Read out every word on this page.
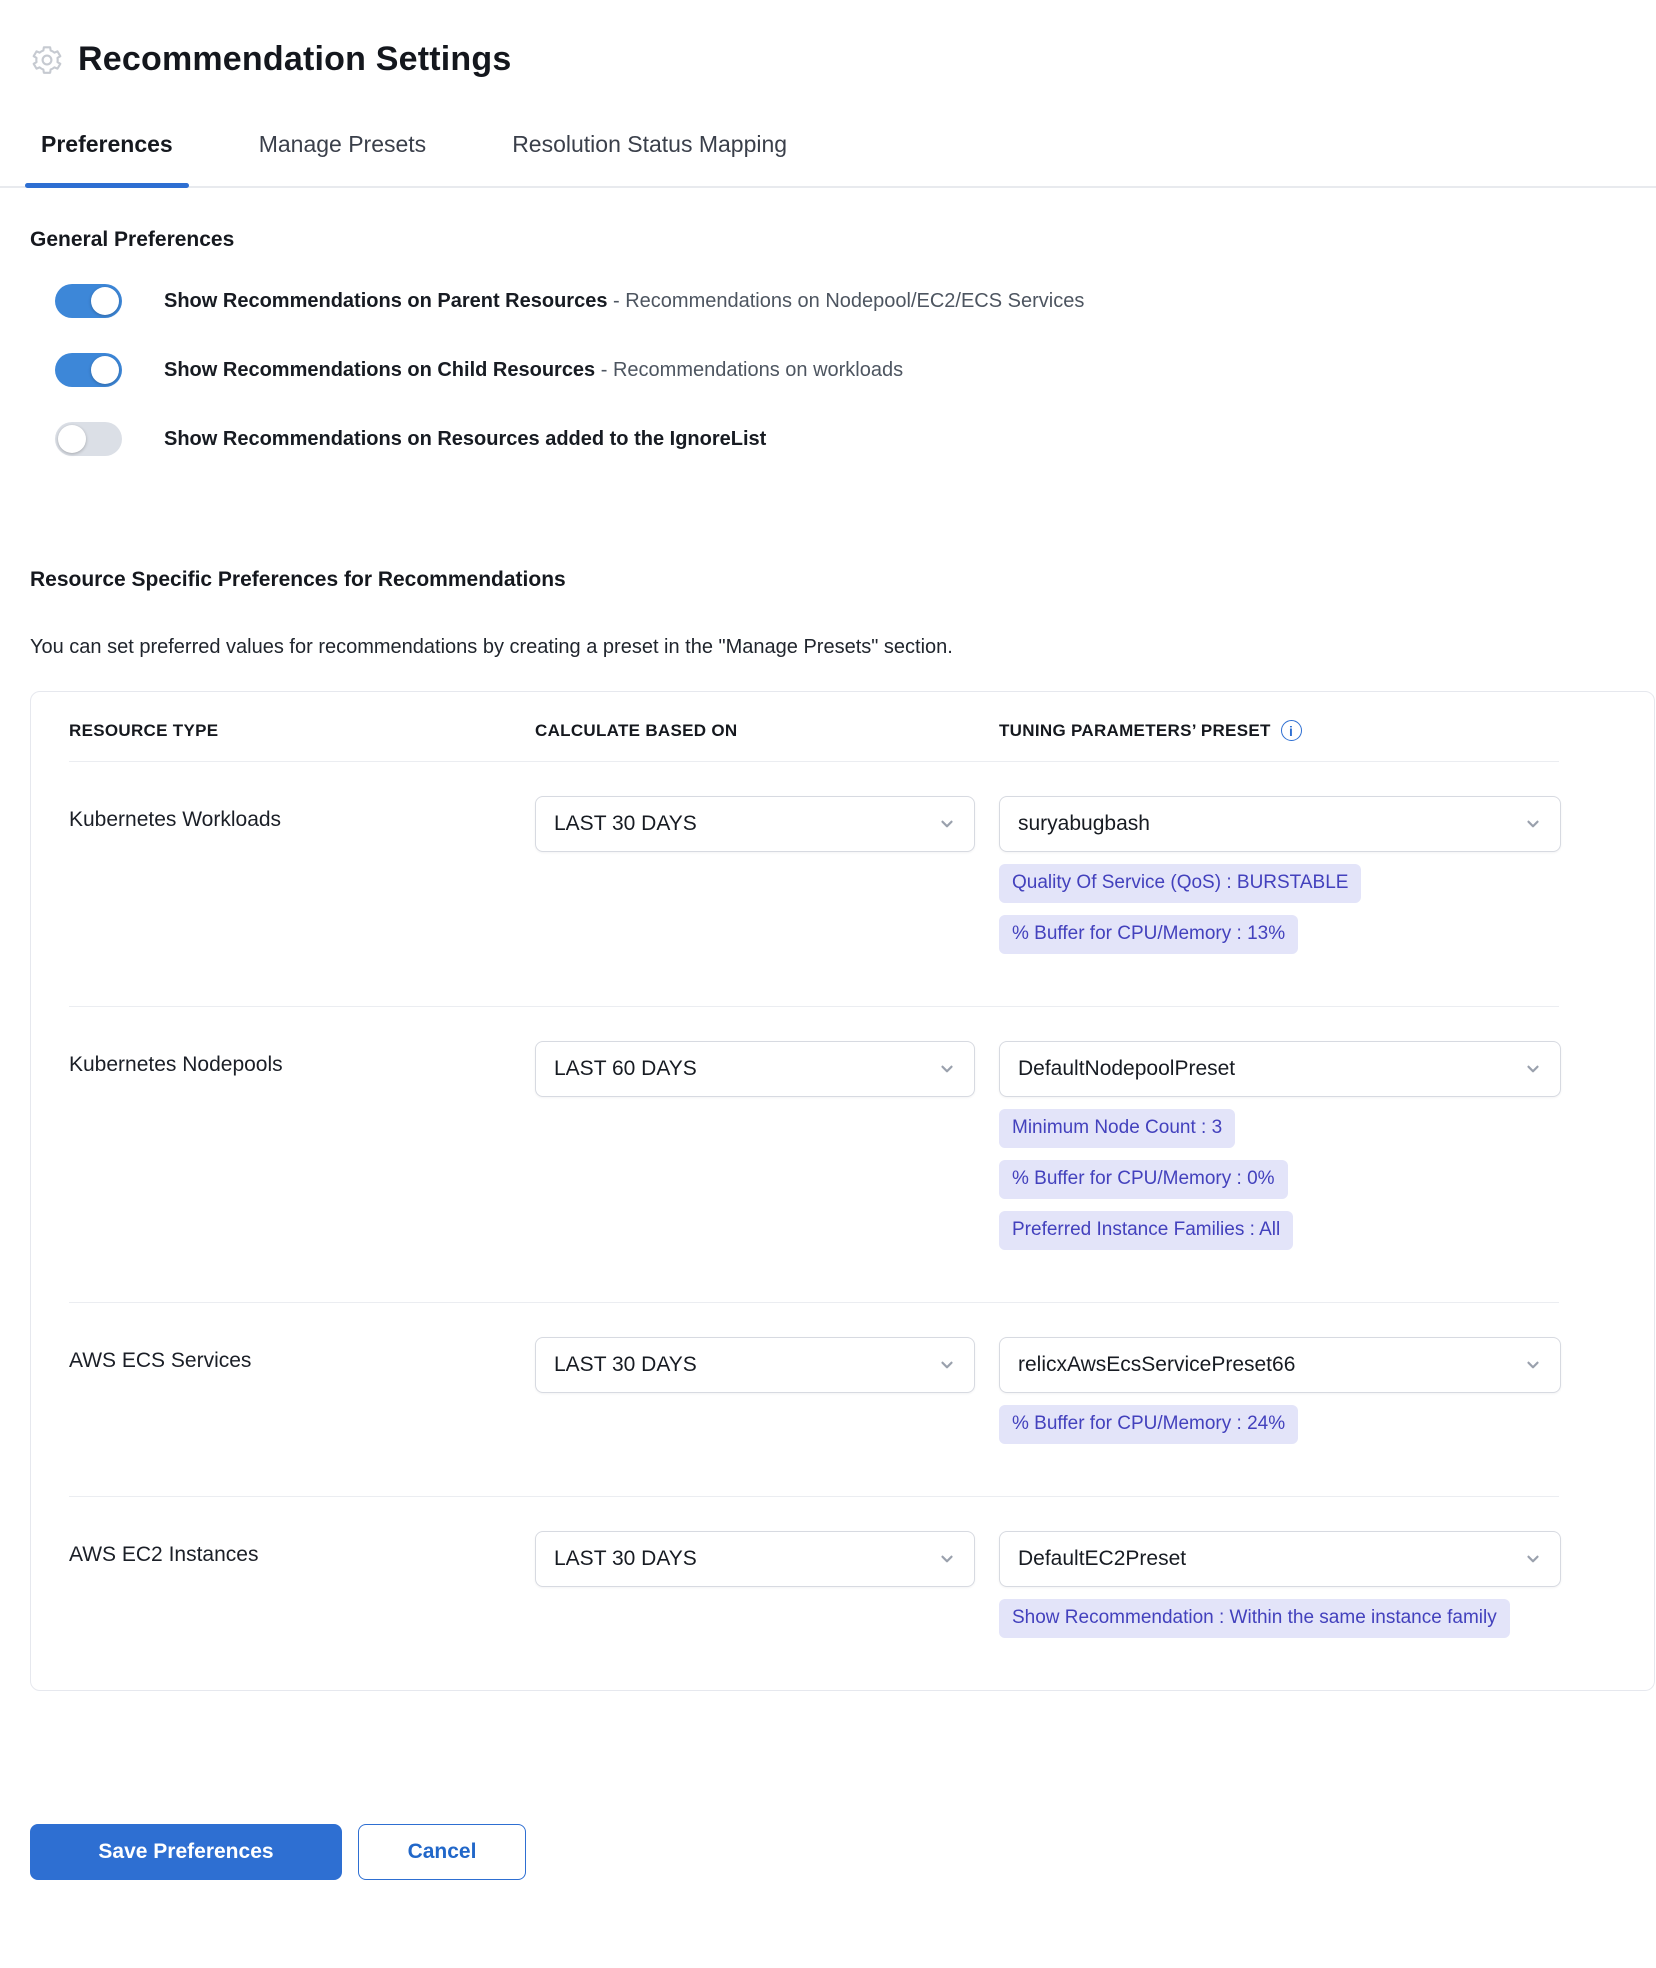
Recommendation Settings
Preferences	Manage Presets	Resolution Status Mapping
General Preferences
Show Recommendations on Parent Resources - Recommendations on Nodepool/EC2/ECS Services
Show Recommendations on Child Resources - Recommendations on workloads
Show Recommendations on Resources added to the IgnoreList
Resource Specific Preferences for Recommendations

You can set preferred values for recommendations by creating a preset in the "Manage Presets" section.

RESOURCE TYPE	CALCULATE BASED ON	TUNING PARAMETERS’ PRESET	i
Kubernetes Workloads	LAST 30 DAYS	suryabugbash
Quality Of Service (QoS) : BURSTABLE
% Buffer for CPU/Memory : 13%
Kubernetes Nodepools	LAST 60 DAYS	DefaultNodepoolPreset
Minimum Node Count : 3
% Buffer for CPU/Memory : 0%
Preferred Instance Families : All
AWS ECS Services	LAST 30 DAYS	relicxAwsEcsServicePreset66
% Buffer for CPU/Memory : 24%
AWS EC2 Instances	LAST 30 DAYS	DefaultEC2Preset
Show Recommendation : Within the same instance family
Save Preferences	Cancel
